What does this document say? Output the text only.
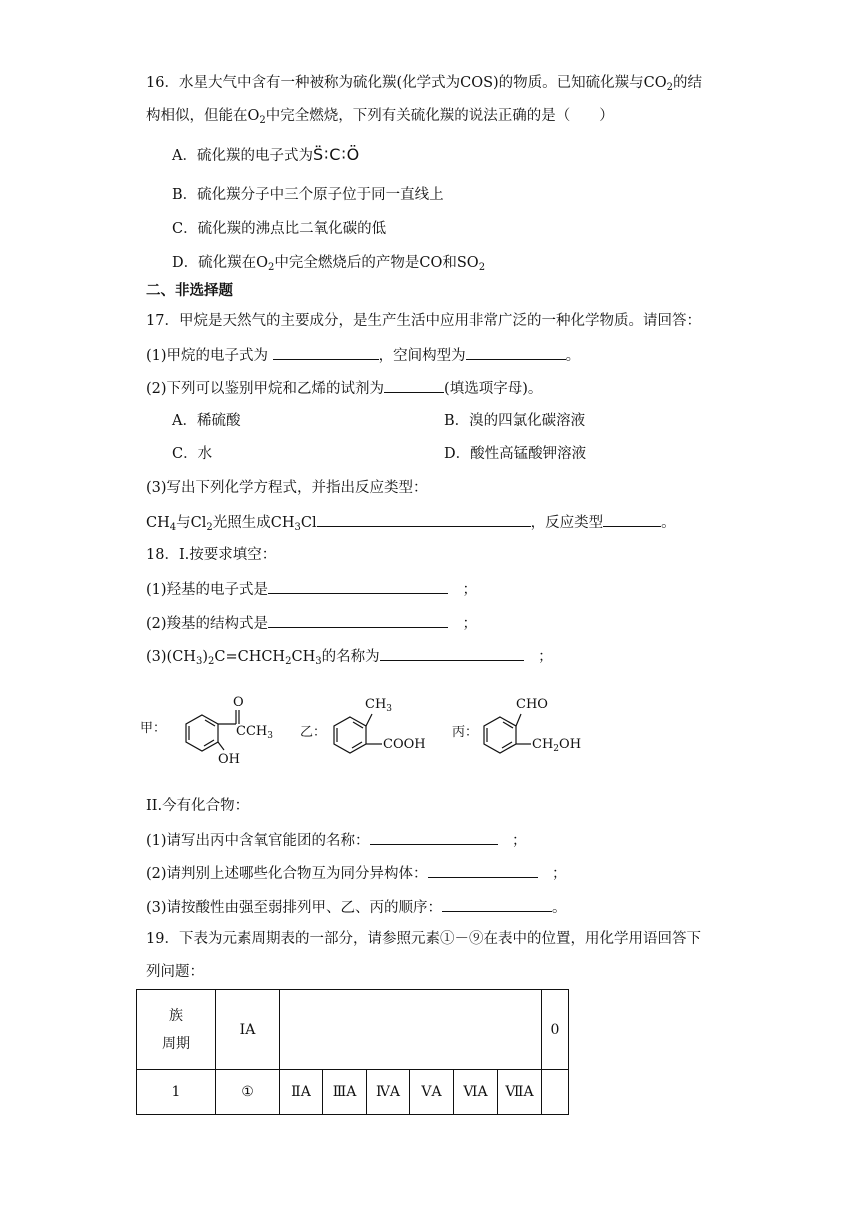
16．水星大气中含有一种被称为硫化羰(化学式为COS)的物质。已知硫化羰与$CO_2$的结
构相似，但能在$O_2$中完全燃烧，下列有关硫化羰的说法正确的是（　　）
A．硫化羰的电子式为S̈∶C∶Ö
B．硫化羰分子中三个原子位于同一直线上
C．硫化羰的沸点比二氧化碳的低
D．硫化羰在$O_2$中完全燃烧后的产物是CO和$SO_2$
二、非选择题
17．甲烷是天然气的主要成分，是生产生活中应用非常广泛的一种化学物质。请回答：
(1)甲烷的电子式为	，空间构型为	。
(2)下列可以鉴别甲烷和乙烯的试剂为	(填选项字母)。
A．稀硫酸	B．溴的四氯化碳溶液
C．水	D．酸性高锰酸钾溶液
(3)写出下列化学方程式，并指出反应类型：
$CH_4$与$Cl_2$光照生成$CH_3Cl$	，反应类型	。
18．I.按要求填空：
(1)羟基的电子式是　	；
(2)羧基的结构式是　	；
$(3)(CH_3)_2C=CHCH_2CH_3$的名称为　	；
甲：
O
$CCH_3$
OH
乙：
$CH_3$
COOH
丙：
CHO
$CH_2OH$
II.今有化合物：
(1)请写出丙中含氧官能团的名称：　	；
(2)请判别上述哪些化合物互为同分异构体：　	；
(3)请按酸性由强至弱排列甲、乙、丙的顺序：	。
19．下表为元素周期表的一部分，请参照元素①－⑨在表中的位置，用化学用语回答下
列问题：
族
周期	IA							0
1	①	ⅡA	ⅢA	ⅣA	ⅤA	ⅥA	ⅦA	
